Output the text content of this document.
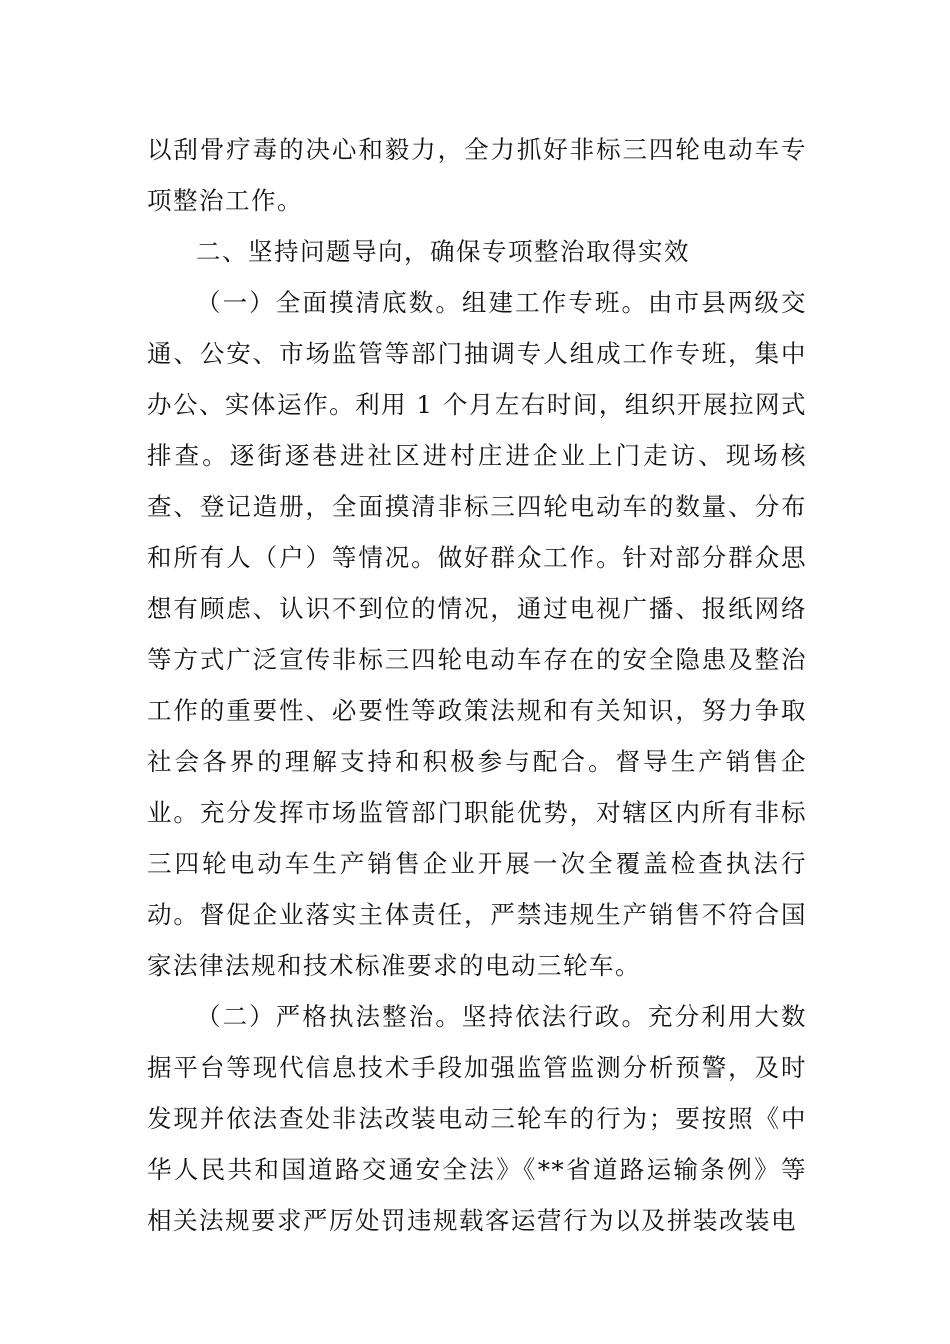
以刮骨疗毒的决心和毅力，全力抓好非标三四轮电动车专项整治工作。

二、坚持问题导向，确保专项整治取得实效

（一）全面摸清底数。组建工作专班。由市县两级交通、公安、市场监管等部门抽调专人组成工作专班，集中办公、实体运作。利用 1 个月左右时间，组织开展拉网式排查。逐街逐巷进社区进村庄进企业上门走访、现场核查、登记造册，全面摸清非标三四轮电动车的数量、分布和所有人（户）等情况。做好群众工作。针对部分群众思想有顾虑、认识不到位的情况，通过电视广播、报纸网络等方式广泛宣传非标三四轮电动车存在的安全隐患及整治工作的重要性、必要性等政策法规和有关知识，努力争取社会各界的理解支持和积极参与配合。督导生产销售企业。充分发挥市场监管部门职能优势，对辖区内所有非标三四轮电动车生产销售企业开展一次全覆盖检查执法行动。督促企业落实主体责任，严禁违规生产销售不符合国家法律法规和技术标准要求的电动三轮车。

（二）严格执法整治。坚持依法行政。充分利用大数据平台等现代信息技术手段加强监管监测分析预警，及时发现并依法查处非法改装电动三轮车的行为；要按照《中华人民共和国道路交通安全法》《**省道路运输条例》等相关法规要求严厉处罚违规载客运营行为以及拼装改装电
